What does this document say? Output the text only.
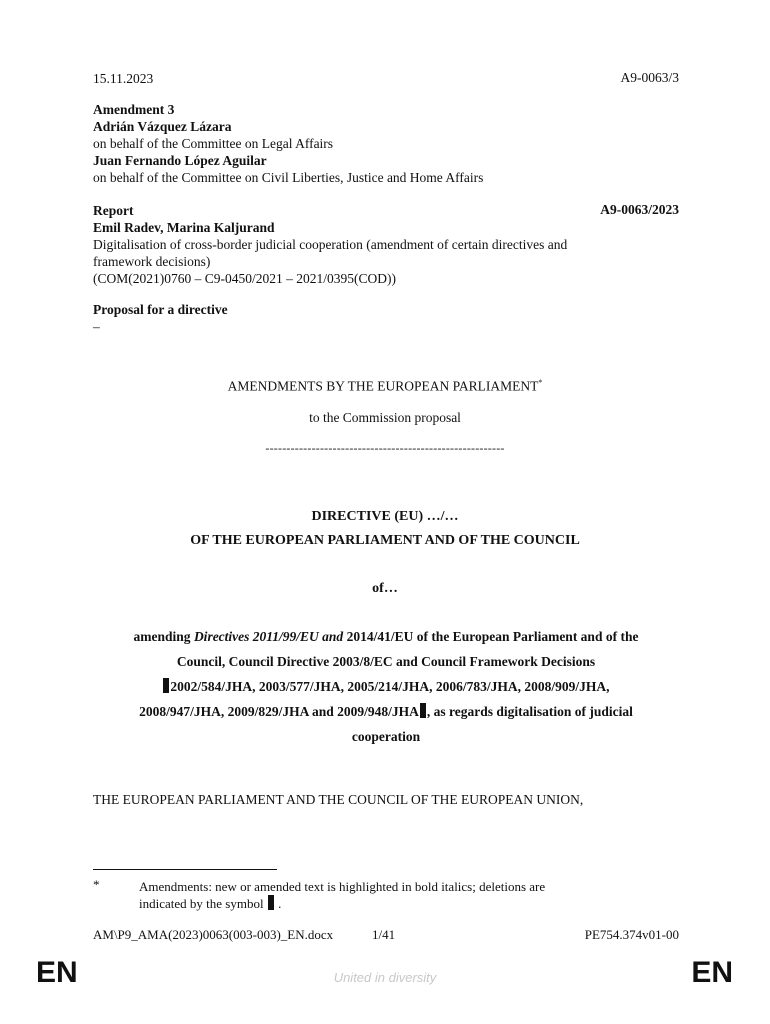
15.11.2023	A9-0063/3
Amendment 3
Adrián Vázquez Lázara
on behalf of the Committee on Legal Affairs
Juan Fernando López Aguilar
on behalf of the Committee on Civil Liberties, Justice and Home Affairs
Report	A9-0063/2023
Emil Radev, Marina Kaljurand
Digitalisation of cross-border judicial cooperation (amendment of certain directives and
framework decisions)
(COM(2021)0760 – C9-0450/2021 – 2021/0395(COD))
Proposal for a directive
–
AMENDMENTS BY THE EUROPEAN PARLIAMENT*
to the Commission proposal
---------------------------------------------------------
DIRECTIVE (EU) …/…
OF THE EUROPEAN PARLIAMENT AND OF THE COUNCIL
of…
amending Directives 2011/99/EU and 2014/41/EU of the European Parliament and of the
Council, Council Directive 2003/8/EC and Council Framework Decisions
2002/584/JHA, 2003/577/JHA, 2005/214/JHA, 2006/783/JHA, 2008/909/JHA,
2008/947/JHA, 2009/829/JHA and 2009/948/JHA , as regards digitalisation of judicial
cooperation
THE EUROPEAN PARLIAMENT AND THE COUNCIL OF THE EUROPEAN UNION,
*	Amendments: new or amended text is highlighted in bold italics; deletions are
indicated by the symbol .
AM\P9_AMA(2023)0063(003-003)_EN.docx	1/41	PE754.374v01-00
EN	United in diversity	EN
